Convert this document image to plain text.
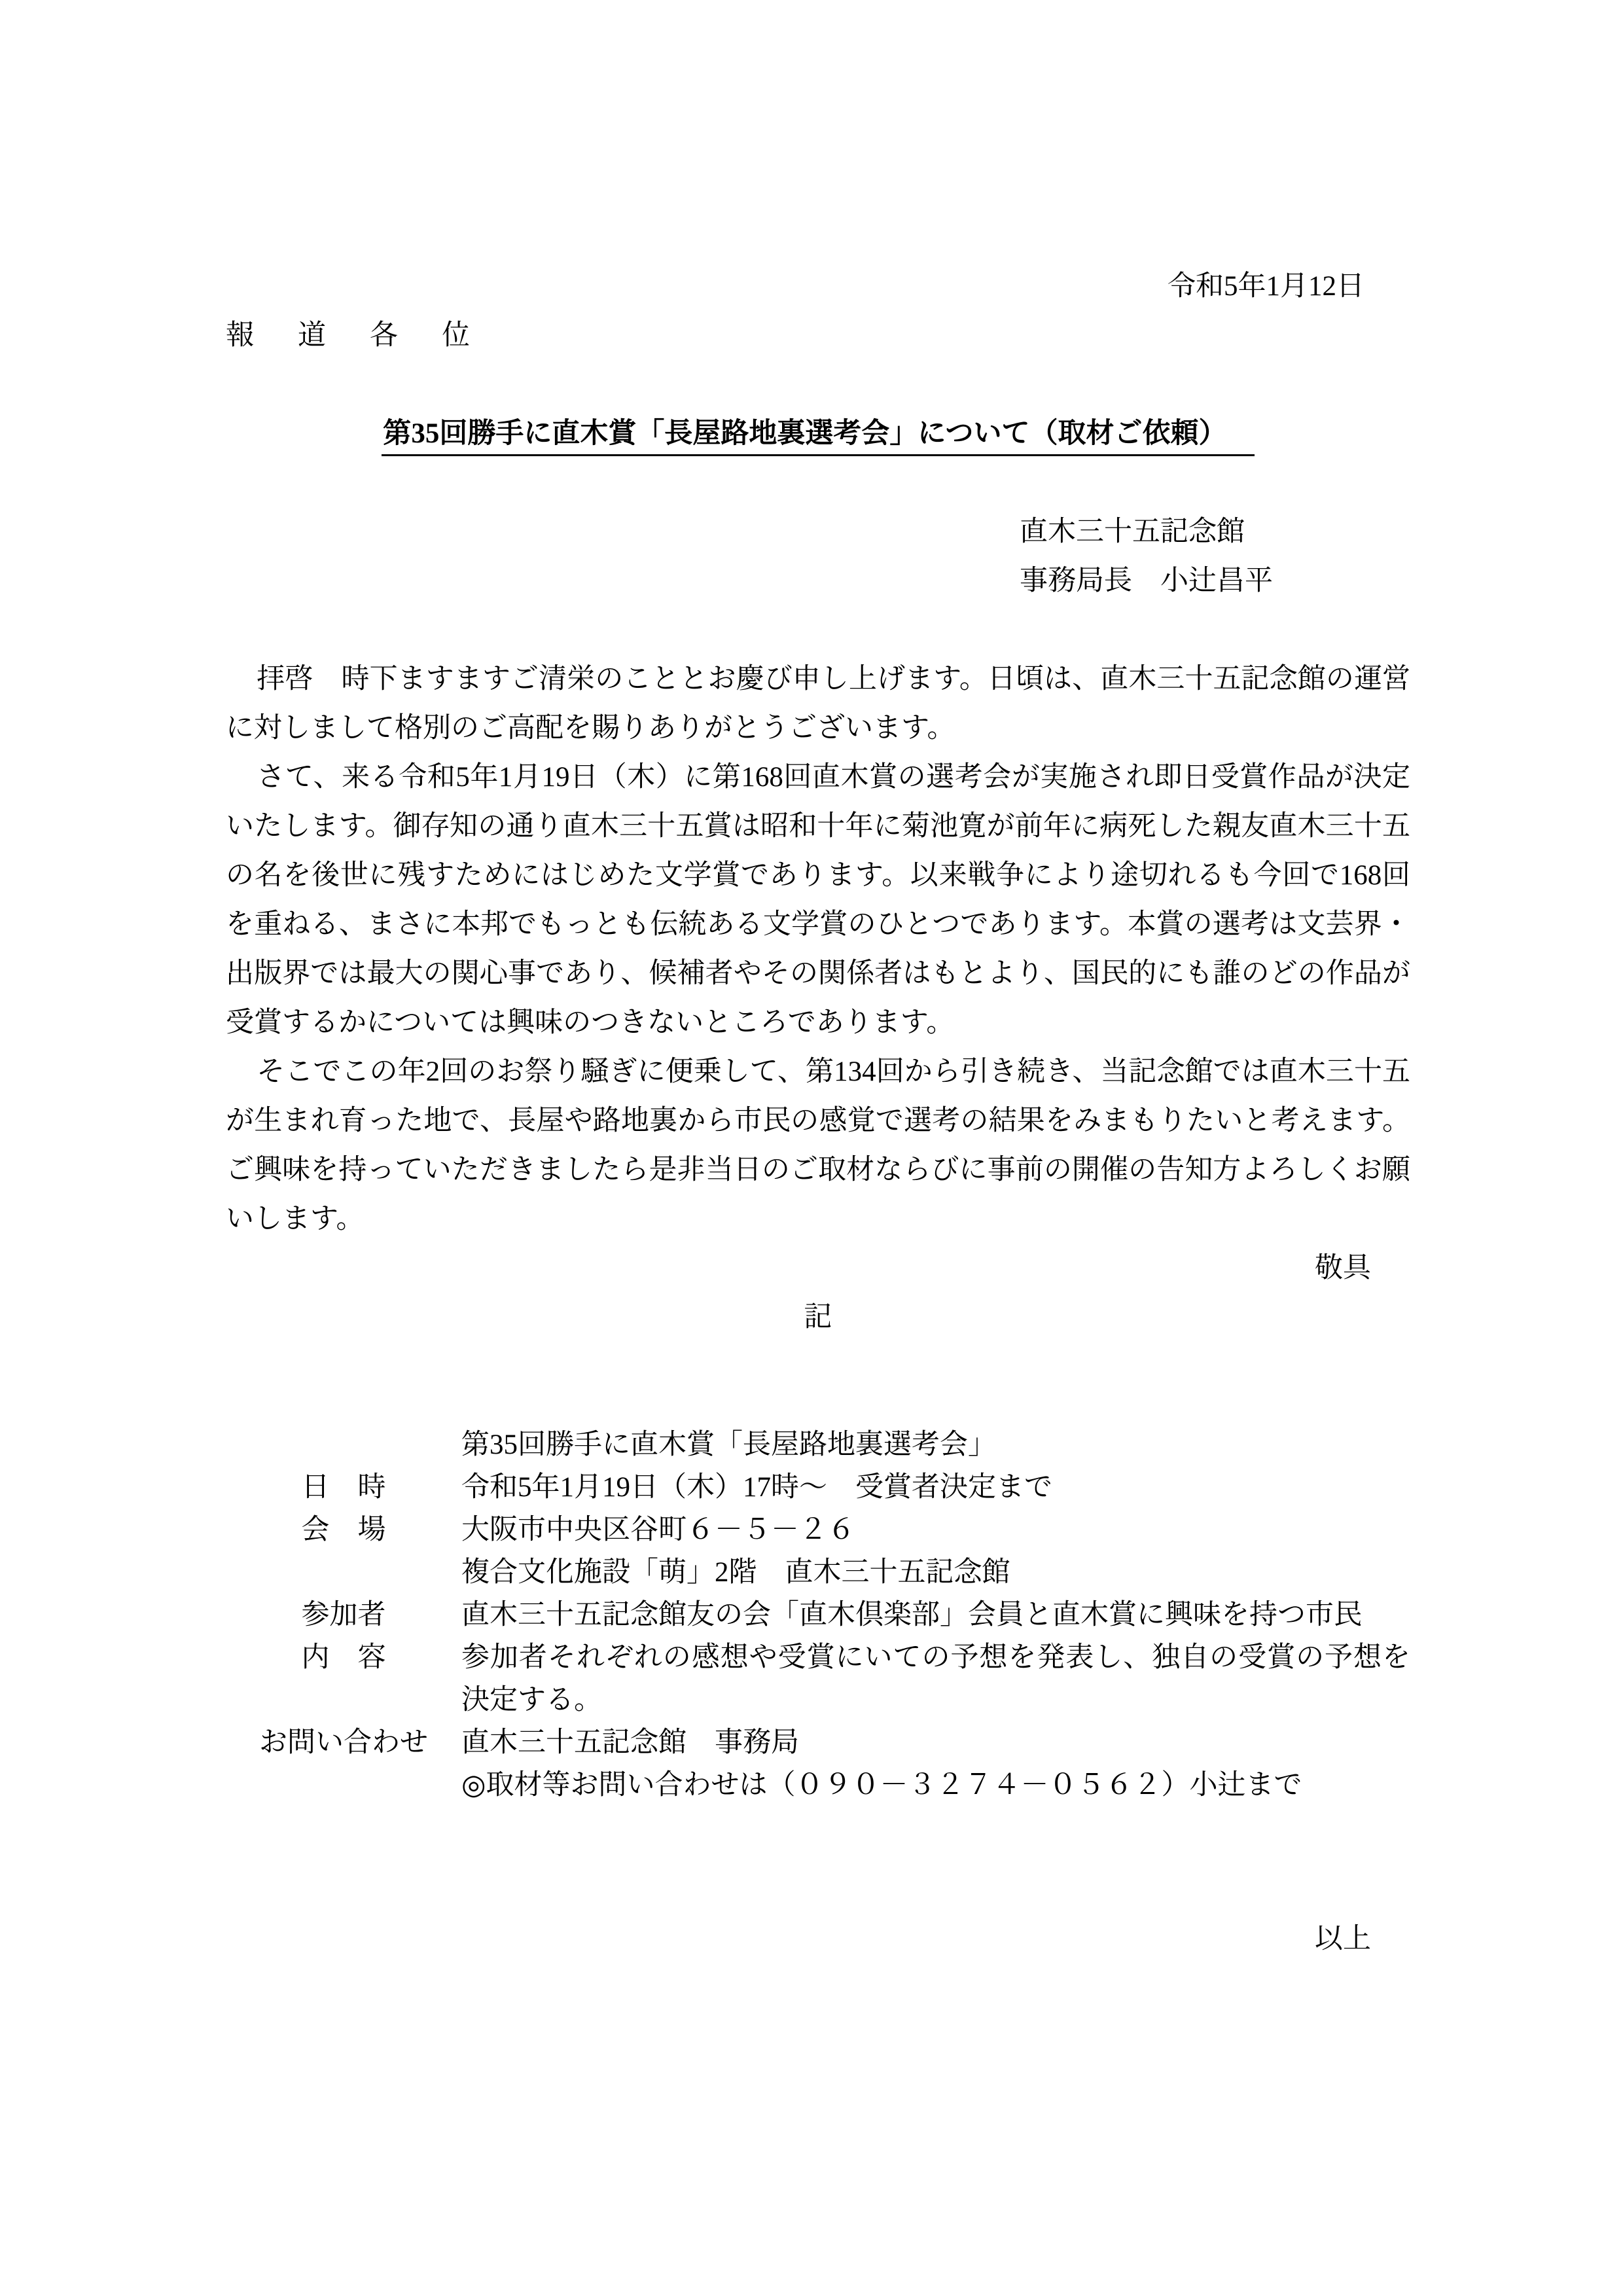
令和5年1月12日
報　道　各　位
第35回勝手に直木賞「長屋路地裏選考会」について（取材ご依頼）
直木三十五記念館
事務局長　小辻昌平

拝啓　時下ますますご清栄のこととお慶び申し上げます。日頃は、直木三十五記念館の運営に対しまして格別のご高配を賜りありがとうございます。

さて、来る令和5年1月19日（木）に第168回直木賞の選考会が実施され即日受賞作品が決定いたします。御存知の通り直木三十五賞は昭和十年に菊池寛が前年に病死した親友直木三十五の名を後世に残すためにはじめた文学賞であります。以来戦争により途切れるも今回で168回を重ねる、まさに本邦でもっとも伝統ある文学賞のひとつであります。本賞の選考は文芸界・出版界では最大の関心事であり、候補者やその関係者はもとより、国民的にも誰のどの作品が受賞するかについては興味のつきないところであります。

そこでこの年2回のお祭り騒ぎに便乗して、第134回から引き続き、当記念館では直木三十五が生まれ育った地で、長屋や路地裏から市民の感覚で選考の結果をみまもりたいと考えます。ご興味を持っていただきましたら是非当日のご取材ならびに事前の開催の告知方よろしくお願いします。

敬具
記
第35回勝手に直木賞「長屋路地裏選考会」
日　時	令和5年1月19日（木）17時～　受賞者決定まで
会　場	大阪市中央区谷町６－５－２６
複合文化施設「萌」2階　直木三十五記念館
参加者	直木三十五記念館友の会「直木倶楽部」会員と直木賞に興味を持つ市民
内　容	参加者それぞれの感想や受賞にいての予想を発表し、独自の受賞の予想を決定する。
お問い合わせ	直木三十五記念館　事務局
◎取材等お問い合わせは（０９０－３２７４－０５６２）小辻まで
以上
